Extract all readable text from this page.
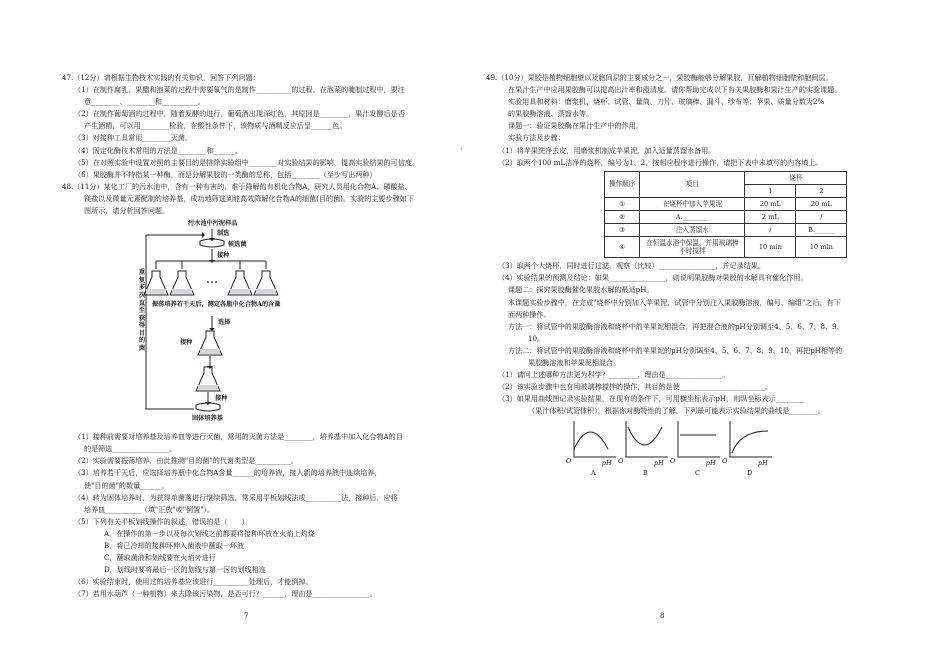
47.（12分）请根据生物技术实践的有关知识，回答下列问题：
（1）在制作腐乳、果醋和泡菜的过程中需要氧气的是制作__________的过程。在泡菜的腌制过程中，要注
意________、________和__________。
（2）在制作葡萄酒的过程中，随着发酵的进行，葡萄酒出现深红色，其原因是________，果汁发酵后是否
产生酒精，可以用________检验，在酸性条件下，该物质与酒精反应后呈______色。
（3）对接种工具常用________灭菌。
（4）固定化酶技术常用的方法是________和______。
（5）在对照实验中设置对照的主要目的是排除实验组中________对实验结果的影响，提高实验结果的可信度。
（6）果胶酶并不特指某一种酶，而是分解果胶的一类酶的总称，包括________（至少写出两种）
48.（11分）某化工厂的污水池中，含有一种有害的、难于降解的有机化合物A，研究人员用化合物A、磷酸盐、
镁盐以及微量元素配制的培养基，成功地筛选到能高效降解化合物A的细菌(目的菌)。实验的主要步骤如下
图所示，请分析回答问题。
污水池中污泥样品
制选
候选菌
接种
振荡培养若干天后，测定各瓶中化合物A的含量
选择
接种
接种
固体培养基
重复多次直至获得目的菌
（1）接种前需要对培养基及培养皿等进行灭菌，常用的灭菌方法是________，培养基中加入化合物A的目
的是筛选________________。
（2）实验需要振荡培养，由此推测"目的菌"的代谢类型是__________。
（3）培养若干天后，应选择培养瓶中化合物A含量______的培养液，接入新的培养液中连续培养，
使"目的菌"的数量______。
（4）转为固体培养时，为获得单菌落进行继续筛选，常采用平板划线法或__________法，接种后，应将
培养皿__________（填"正放"或"倒置"）。
（5）下列有关平板划线操作的叙述，错误的是（　　）
A．在操作的第一步以及每次划线之前都要将接种环放在火焰上灼烧
B．将已冷却的接种环伸入菌液中蘸取一环液
C．蘸取菌液和划线要在火焰旁进行
D．划线时要将最后一区的划线与第一区的划线相连
（6）实验结束时，使用过的培养基应该进行__________处理后，才能倒掉。
（7）若用水葫芦（一种植物）来去除该污染物，是否可行？______，理由是________________。
、
49.（10分）果胶是植物细胞壁以及胞间层的主要成分之一，果胶酶能够分解果胶，瓦解植物细胞壁和胞间层。
在果汁生产中应用果胶酶可以提高出汁率和澄清度。请你帮助完成以下有关果胶酶和果汁生产的实验课题。
实验用具和材料：磨浆机、烧杯、试管、量筒、刀片、玻璃棒、漏斗、纱布等；苹果、质量分数为2%
的果胶酶溶液、蒸馏水等。
课题一：验证果胶酶在果汁生产中的作用。
实验方法及步骤：
（1）将苹果洗净去皮，用磨浆机制成苹果泥，加入适量蒸馏水备用。
（2）取两个100 mL洁净的烧杯，编号为1、2，按相应程序进行操作，请把下表中未填写的内容填上。
操作顺序	项目	烧杯	
		1	2
①	在烧杯中加入苹果泥	20 mL	20 mL
②	A.________	2 mL	/
③	注入蒸馏水	/	B.______
④	在恒温水浴中保温，并用玻璃棒不时搅拌	10 min	10 min
（3）取两个大烧杯，同时进行过滤，观察（比较）________________，并记录结果。
（4）实验结果的预测及结论：如果________________，则说明果胶酶对果胶的水解具有催化作用。
课题二：探究果胶酶催化果胶水解的最适pH。
本课题实验步骤中，在完成"烧杯中分别加入苹果泥，试管中分别注入果胶酶溶液，编号、编组"之后，有下
面两种操作。
方法一：将试管中的果胶酶溶液和烧杯中的苹果泥相混合，再把混合液的pH分别调至4、5、6、7、8、9、
10。
方法二：将试管中的果胶酶溶液和烧杯中的苹果泥的pH分别调至4、5、6、7、8、9、10，再把pH相等的
果胶酶溶液和苹果泥相混合。
（1）请问上述哪种方法更为科学？________，理由是________________。
（2）该实验步骤中也有用玻璃棒搅拌的操作，其目的是使________________________。
（3）如果用曲线图记录实验结果，在现有的条件下，可用横坐标表示pH，则纵坐标表示________
（果汁体积/试管体积），根据你对酶特性的了解，下列最可能表示实验结果的曲线是________。
O	pH
A
O	pH
B
O	pH
C
O	pH
D
7	8
